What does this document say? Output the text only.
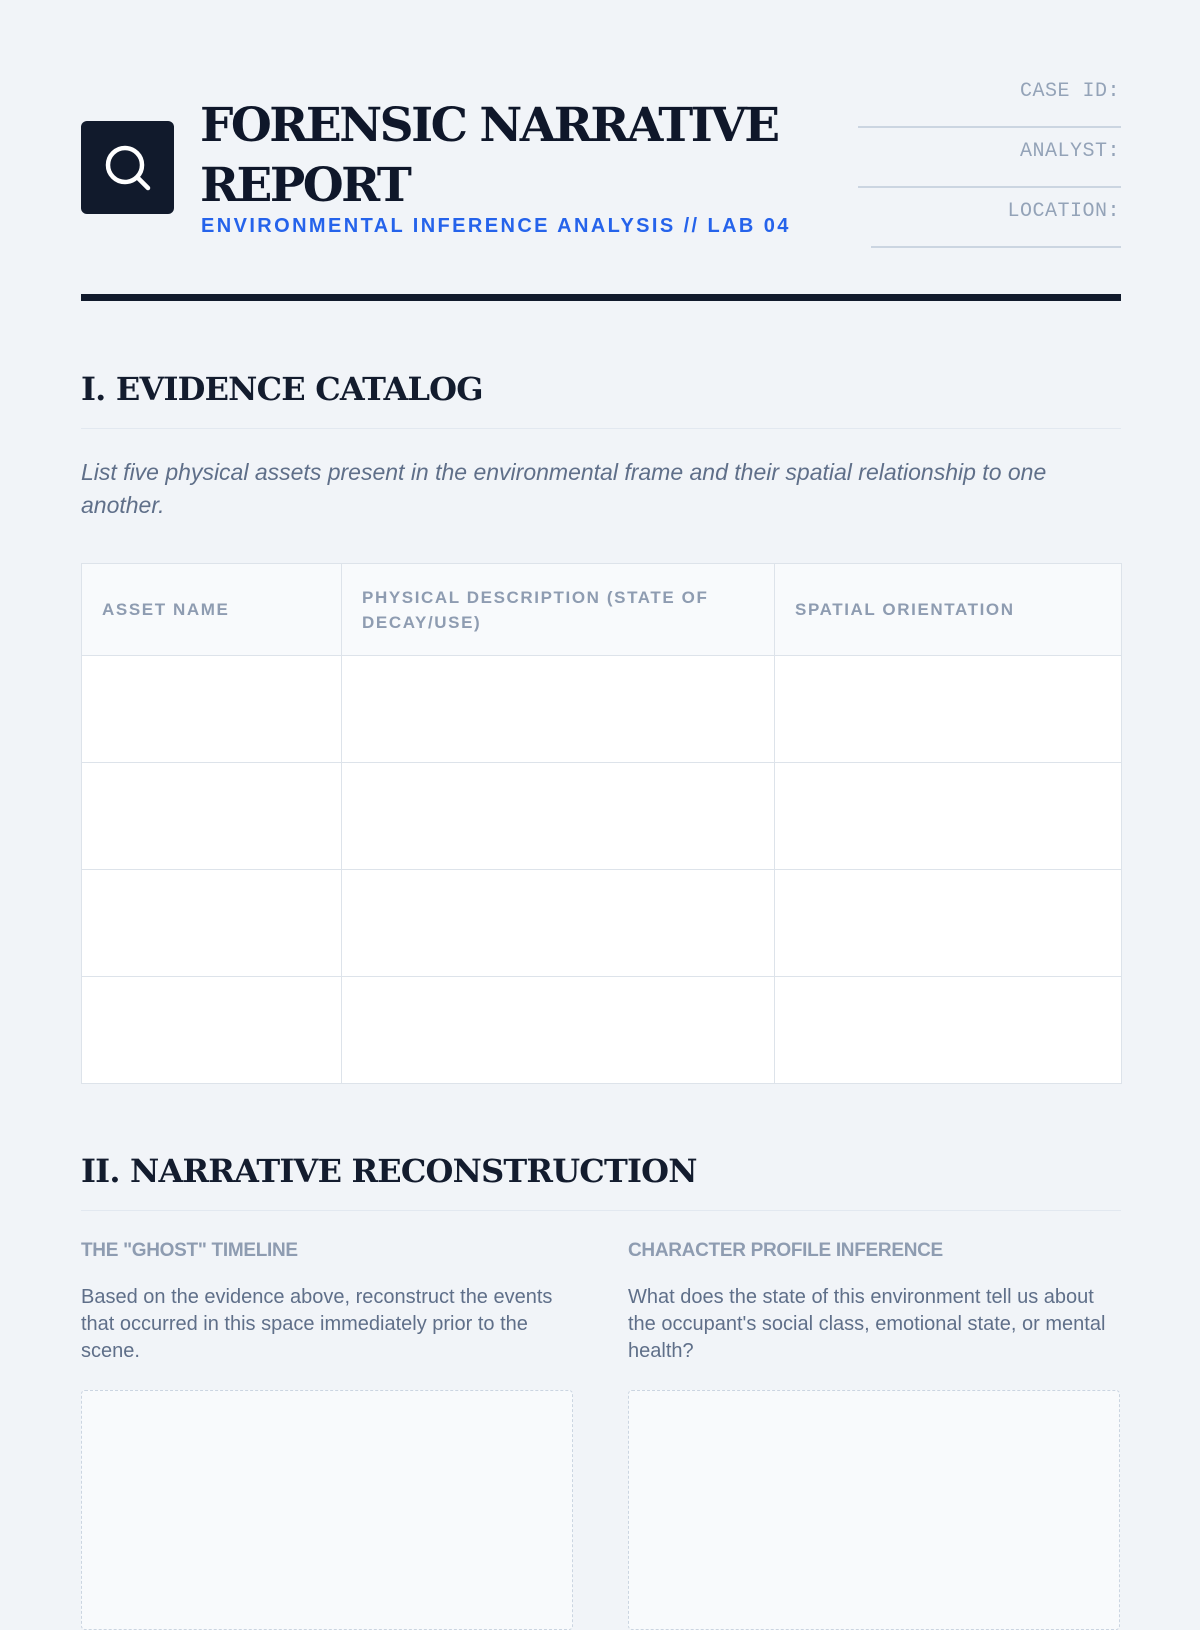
FORENSIC NARRATIVE REPORT
ENVIRONMENTAL INFERENCE ANALYSIS // LAB 04
CASE ID:
ANALYST:
LOCATION:
I. EVIDENCE CATALOG

List five physical assets present in the environmental frame and their spatial relationship to one another.

ASSET NAME	PHYSICAL DESCRIPTION (STATE OF DECAY/USE)	SPATIAL ORIENTATION

II. NARRATIVE RECONSTRUCTION
THE "GHOST" TIMELINE

Based on the evidence above, reconstruct the events that occurred in this space immediately prior to the scene.

CHARACTER PROFILE INFERENCE

What does the state of this environment tell us about the occupant's social class, emotional state, or mental health?
